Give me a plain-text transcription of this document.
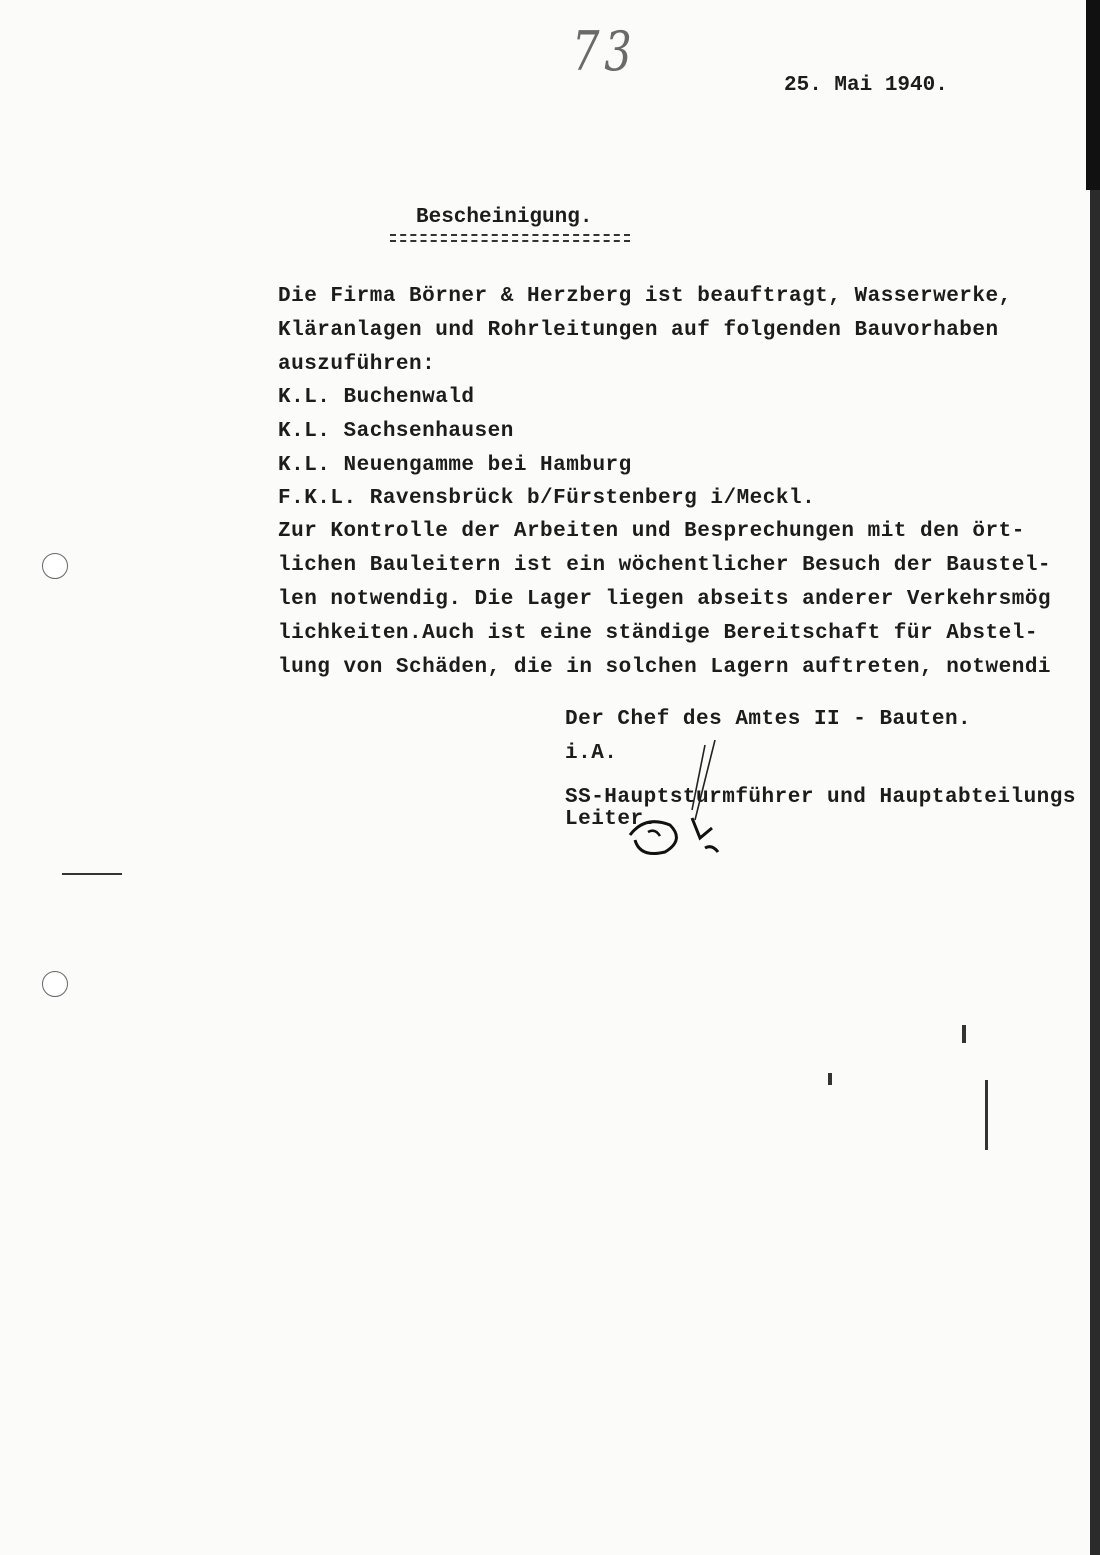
73
25. Mai 1940.
Bescheinigung.
Die Firma Börner & Herzberg ist beauftragt, Wasserwerke,
Kläranlagen und Rohrleitungen auf folgenden Bauvorhaben
auszuführen:
K.L. Buchenwald
K.L. Sachsenhausen
K.L. Neuengamme bei Hamburg
F.K.L. Ravensbrück b/Fürstenberg i/Meckl.
Zur Kontrolle der Arbeiten und Besprechungen mit den ört-
lichen Bauleitern ist ein wöchentlicher Besuch der Baustel-
len notwendig. Die Lager liegen abseits anderer Verkehrsmög
lichkeiten.Auch ist eine ständige Bereitschaft für Abstel-
lung von Schäden, die in solchen Lagern auftreten, notwendi
Der Chef des Amtes II - Bauten.
i.A.
SS-Hauptsturmführer und Hauptabteilungs
Leiter.
